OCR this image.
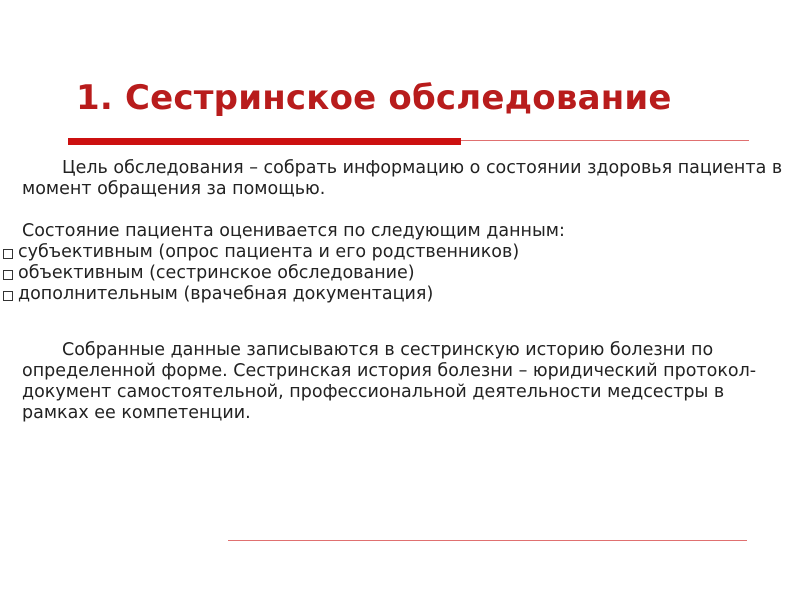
1. Сестринское обследование

Цель обследования – собрать информацию о состоянии здоровья пациента в момент обращения за помощью.

Состояние пациента оценивается по следующим данным:

субъективным (опрос пациента и его родственников)
объективным (сестринское обследование)
дополнительным (врачебная документация)

Собранные данные записываются в сестринскую историю болезни по определенной форме. Сестринская история болезни – юридический протокол-документ самостоятельной, профессиональной деятельности медсестры в рамках ее компетенции.
